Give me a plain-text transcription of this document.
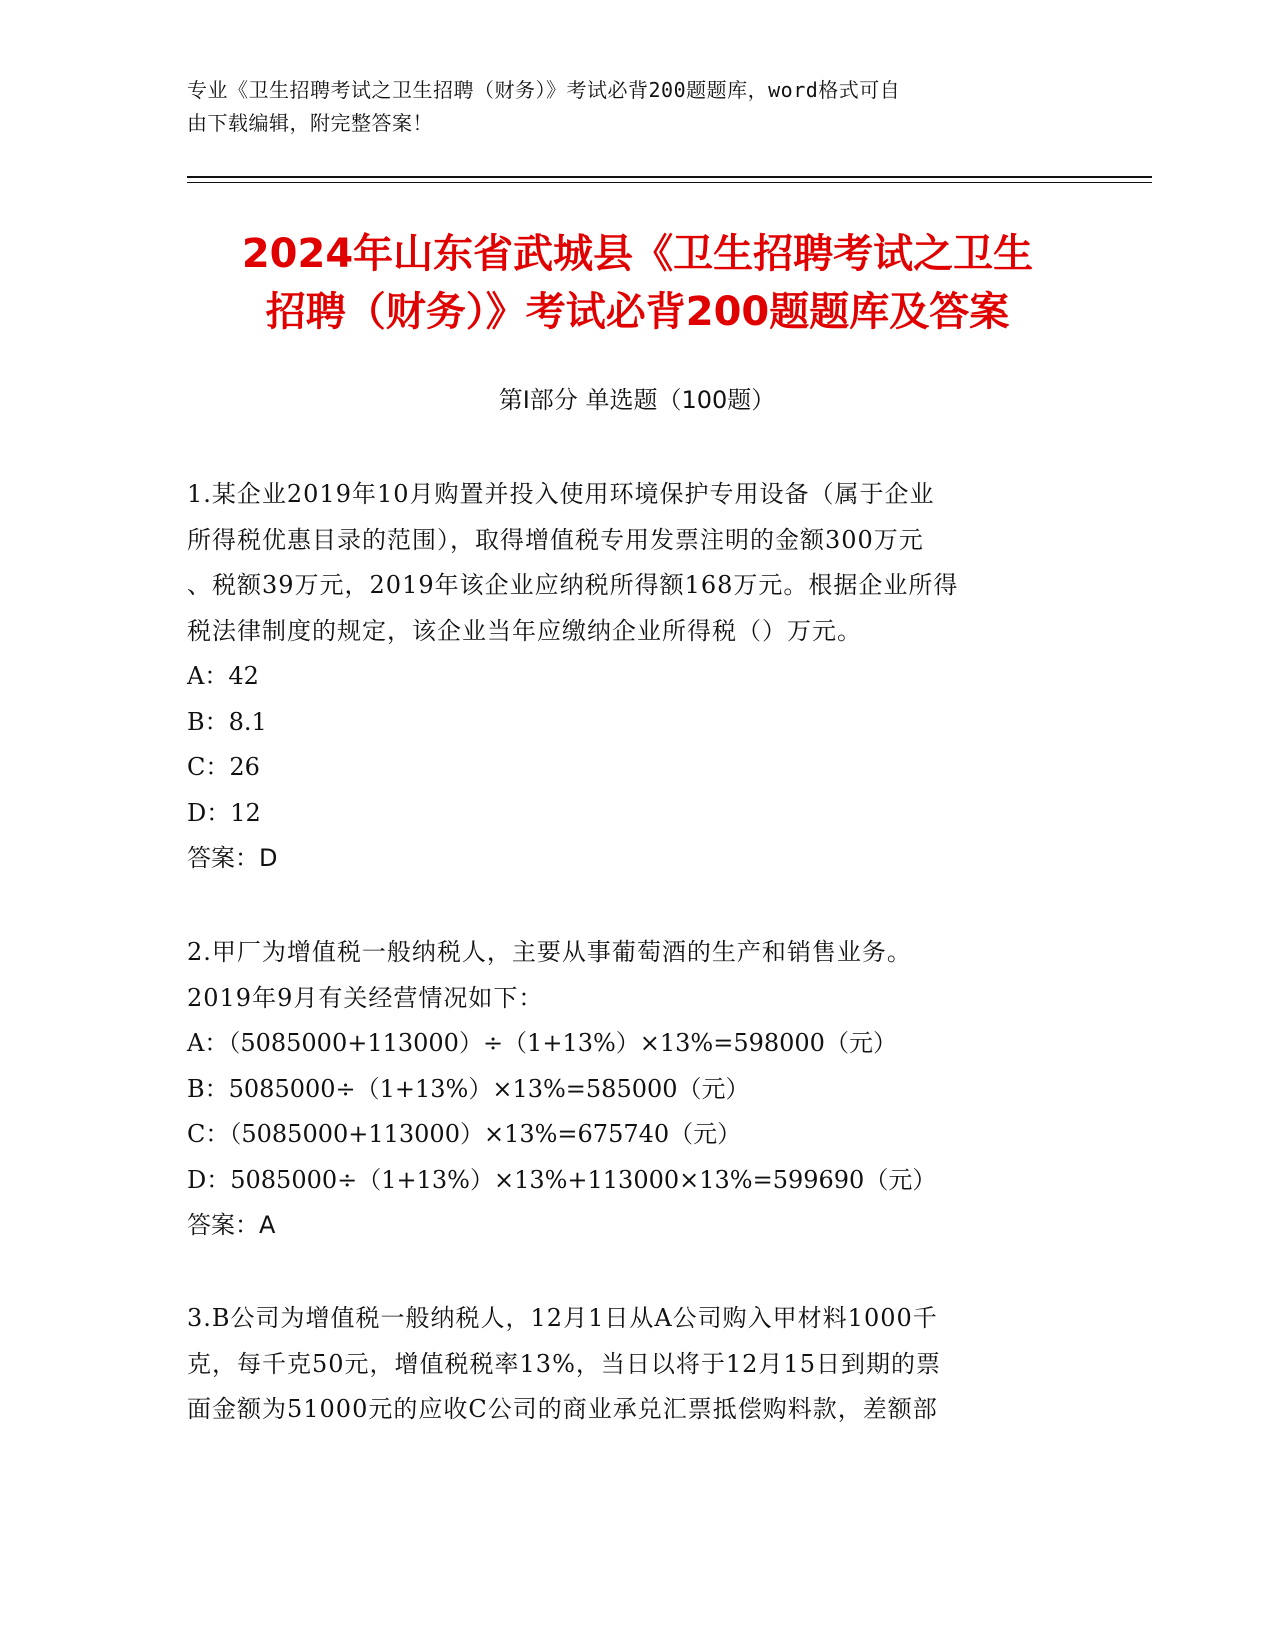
专业《卫生招聘考试之卫生招聘（财务）》考试必背200题题库，word格式可自
由下载编辑，附完整答案！
2024年山东省武城县《卫生招聘考试之卫生
招聘（财务）》考试必背200题题库及答案
第Ⅰ部分 单选题（100题）
1.某企业2019年10月购置并投入使用环境保护专用设备（属于企业
所得税优惠目录的范围），取得增值税专用发票注明的金额300万元
、税额39万元，2019年该企业应纳税所得额168万元。根据企业所得
税法律制度的规定，该企业当年应缴纳企业所得税（）万元。
A：42
B：8.1
C：26
D：12
答案：D
2.甲厂为增值税一般纳税人，主要从事葡萄酒的生产和销售业务。
2019年9月有关经营情况如下：
A：（5085000+113000）÷（1+13%）×13%=598000（元）
B：5085000÷（1+13%）×13%=585000（元）
C：（5085000+113000）×13%=675740（元）
D：5085000÷（1+13%）×13%+113000×13%=599690（元）
答案：A
3.B公司为增值税一般纳税人，12月1日从A公司购入甲材料1000千
克，每千克50元，增值税税率13%，当日以将于12月15日到期的票
面金额为51000元的应收C公司的商业承兑汇票抵偿购料款，差额部
